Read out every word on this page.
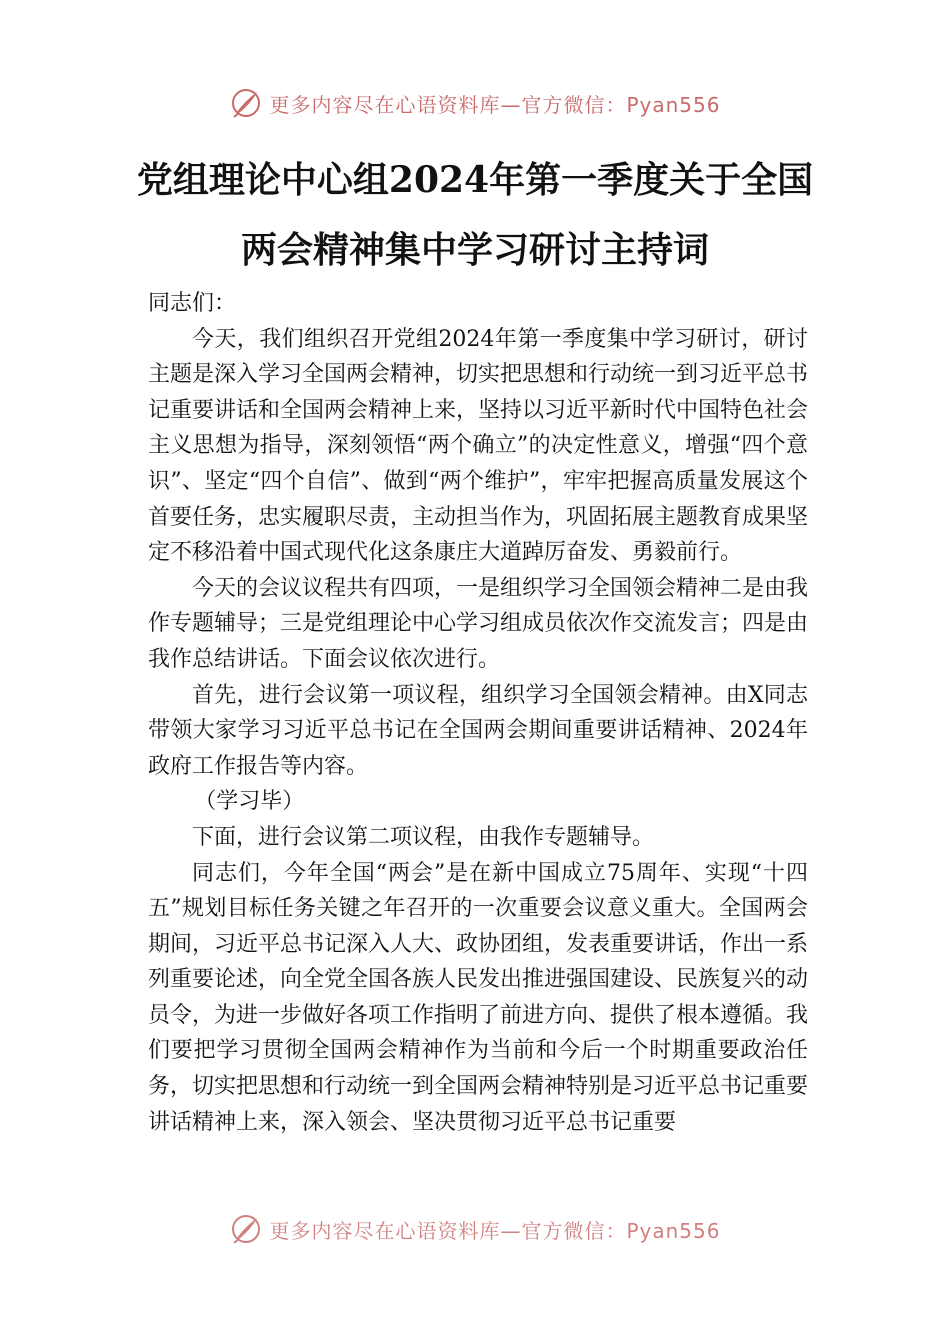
更多内容尽在心语资料库—官方微信：Pyan556
党组理论中心组2024年第一季度关于全国
两会精神集中学习研讨主持词

同志们：

今天，我们组织召开党组2024年第一季度集中学习研讨，研讨主题是深入学习全国两会精神，切实把思想和行动统一到习近平总书记重要讲话和全国两会精神上来，坚持以习近平新时代中国特色社会主义思想为指导，深刻领悟“两个确立”的决定性意义，增强“四个意识”、坚定“四个自信”、做到“两个维护”，牢牢把握高质量发展这个首要任务，忠实履职尽责，主动担当作为，巩固拓展主题教育成果坚定不移沿着中国式现代化这条康庄大道踔厉奋发、勇毅前行。

今天的会议议程共有四项，一是组织学习全国领会精神二是由我作专题辅导；三是党组理论中心学习组成员依次作交流发言；四是由我作总结讲话。下面会议依次进行。

首先，进行会议第一项议程，组织学习全国领会精神。由X同志带领大家学习习近平总书记在全国两会期间重要讲话精神、2024年政府工作报告等内容。

（学习毕）

下面，进行会议第二项议程，由我作专题辅导。

同志们，今年全国“两会”是在新中国成立75周年、实现“十四五”规划目标任务关键之年召开的一次重要会议意义重大。全国两会期间，习近平总书记深入人大、政协团组，发表重要讲话，作出一系列重要论述，向全党全国各族人民发出推进强国建设、民族复兴的动员令，为进一步做好各项工作指明了前进方向、提供了根本遵循。我们要把学习贯彻全国两会精神作为当前和今后一个时期重要政治任务，切实把思想和行动统一到全国两会精神特别是习近平总书记重要讲话精神上来，深入领会、坚决贯彻习近平总书记重要

更多内容尽在心语资料库—官方微信：Pyan556
